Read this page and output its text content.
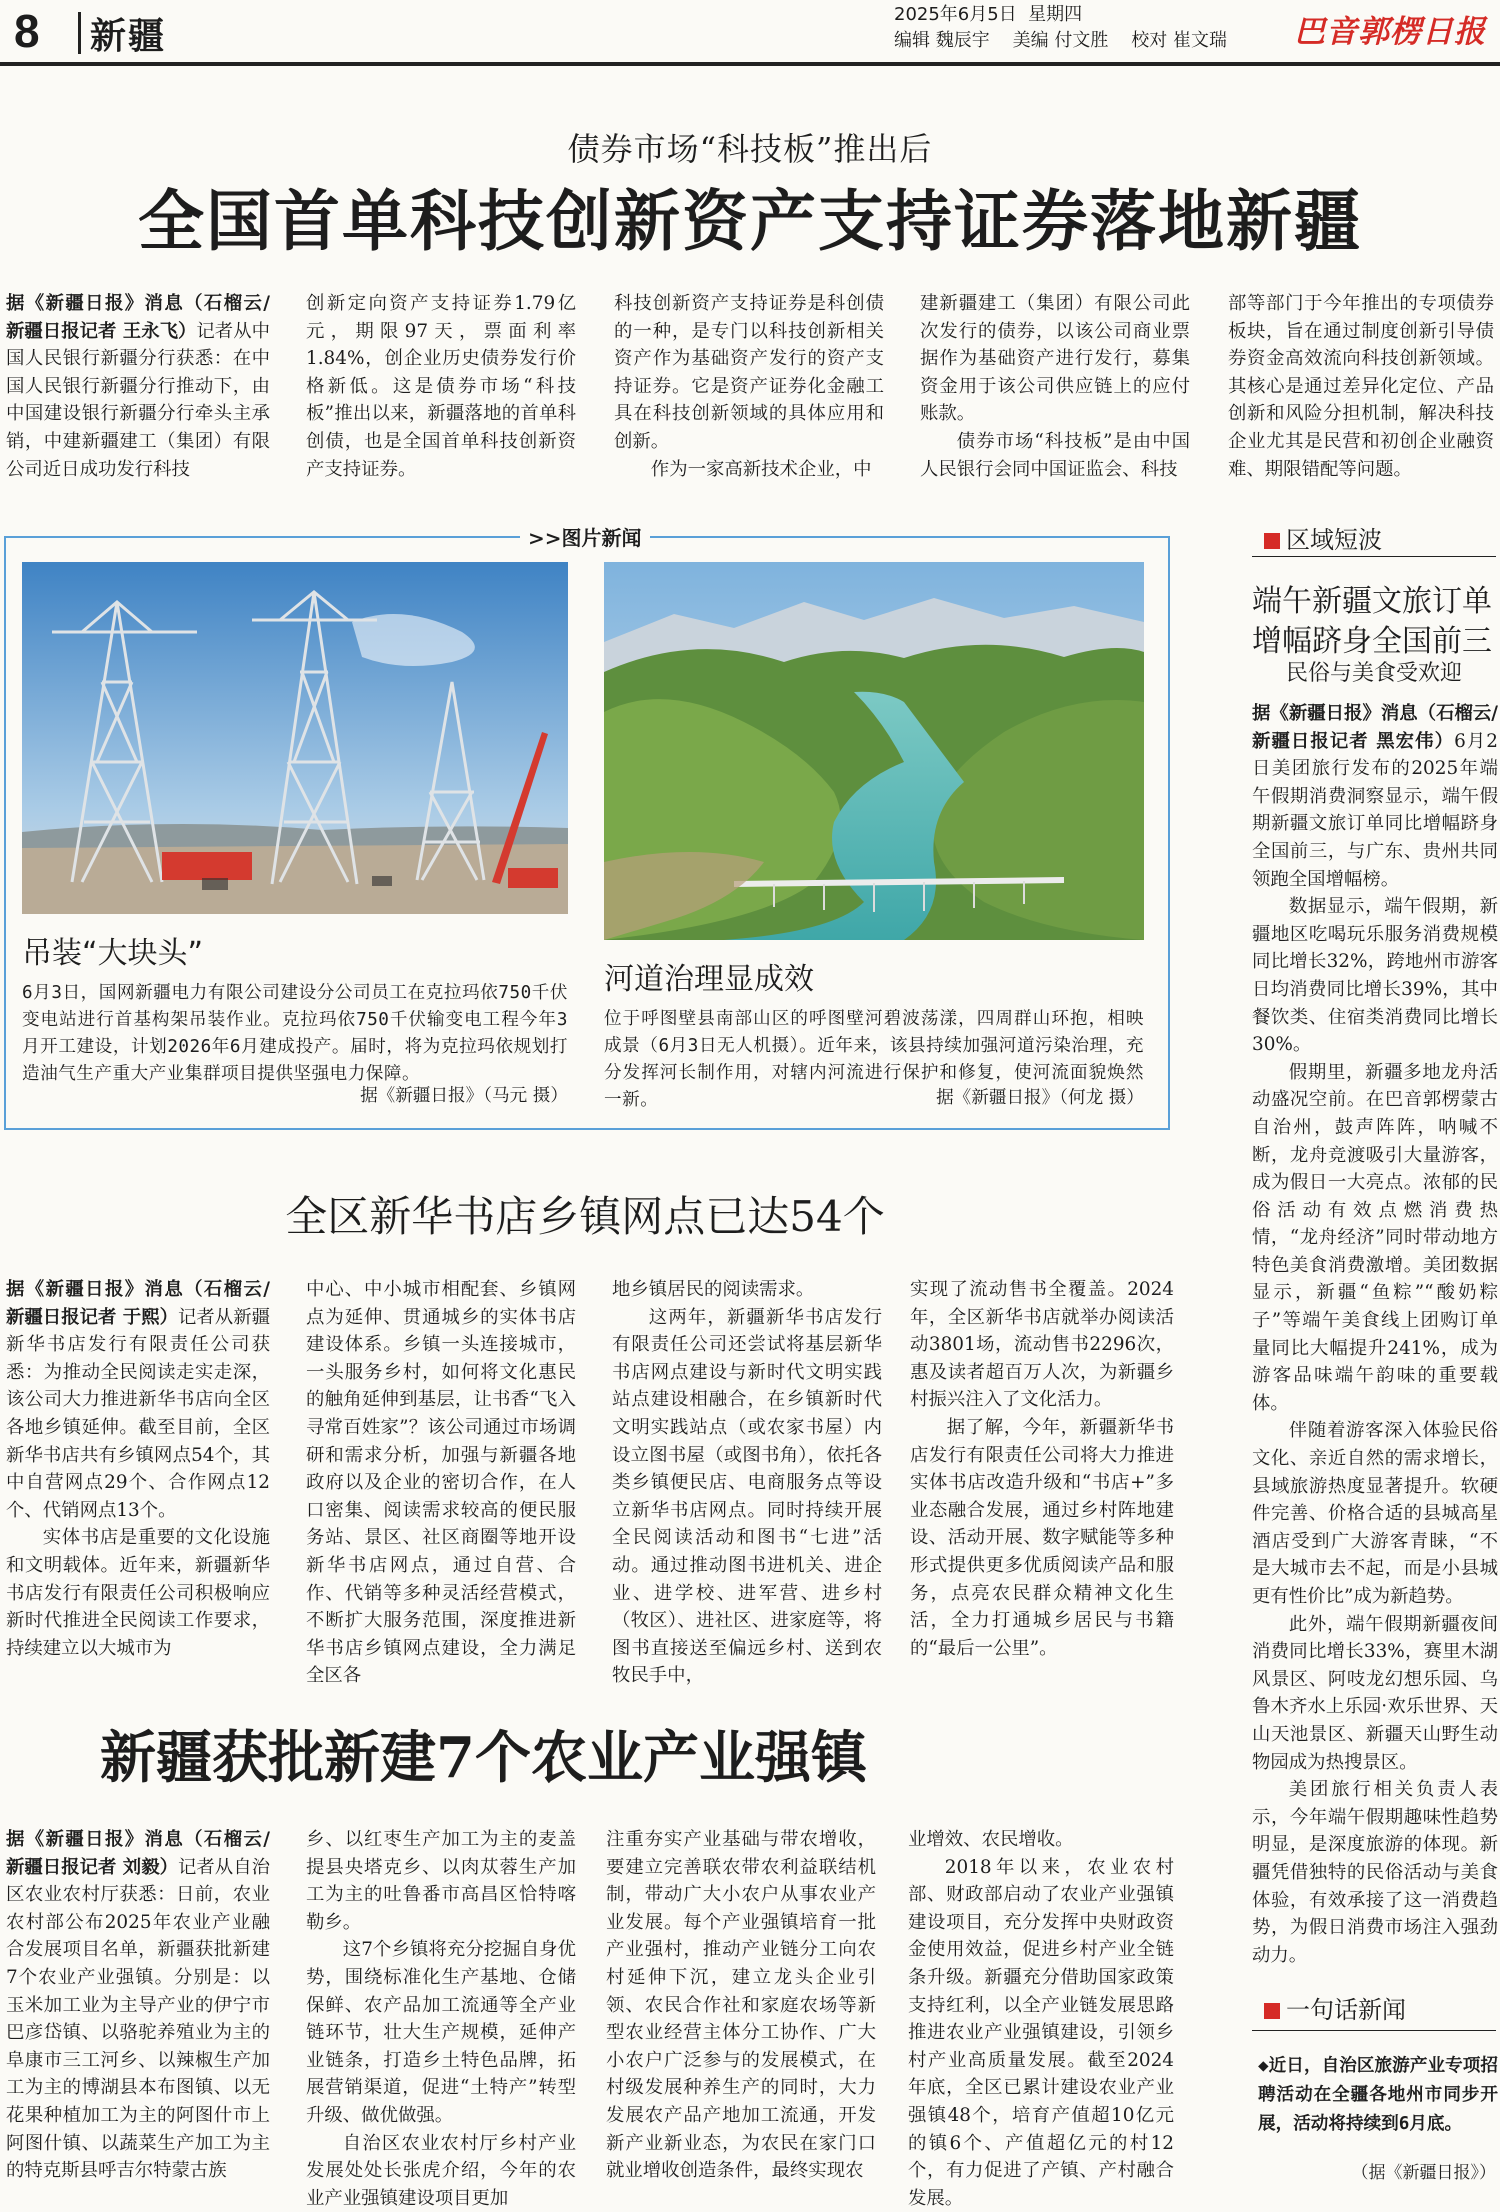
8 新疆
2025年6月5日 星期四
编辑 魏辰宇 美编 付文胜 校对 崔文瑞 巴音郭楞日报
债券市场“科技板”推出后
全国首单科技创新资产支持证券落地新疆

据《新疆日报》消息（石榴云/新疆日报记者 王永飞）记者从中国人民银行新疆分行获悉：在中国人民银行新疆分行推动下，由中国建设银行新疆分行牵头主承销，中建新疆建工（集团）有限公司近日成功发行科技

创新定向资产支持证券1.79亿元，期限97天，票面利率1.84%，创企业历史债券发行价格新低。这是债券市场“科技板”推出以来，新疆落地的首单科创债，也是全国首单科技创新资产支持证券。

科技创新资产支持证券是科创债的一种，是专门以科技创新相关资产作为基础资产发行的资产支持证券。它是资产证券化金融工具在科技创新领域的具体应用和创新。

作为一家高新技术企业，中

建新疆建工（集团）有限公司此次发行的债券，以该公司商业票据作为基础资产进行发行，募集资金用于该公司供应链上的应付账款。

债券市场“科技板”是由中国人民银行会同中国证监会、科技

部等部门于今年推出的专项债券板块，旨在通过制度创新引导债券资金高效流向科技创新领域。其核心是通过差异化定位、产品创新和风险分担机制，解决科技企业尤其是民营和初创企业融资难、期限错配等问题。

>>图片新闻
吊装“大块头”
6月3日，国网新疆电力有限公司建设分公司员工在克拉玛依750千伏变电站进行首基构架吊装作业。克拉玛依750千伏输变电工程今年3月开工建设，计划2026年6月建成投产。届时，将为克拉玛依规划打造油气生产重大产业集群项目提供坚强电力保障。
据《新疆日报》（马元 摄）
河道治理显成效
位于呼图壁县南部山区的呼图壁河碧波荡漾，四周群山环抱，相映成景（6月3日无人机摄）。近年来，该县持续加强河道污染治理，充分发挥河长制作用，对辖内河流进行保护和修复，使河流面貌焕然一新。	据《新疆日报》（何龙 摄）
全区新华书店乡镇网点已达54个

据《新疆日报》消息（石榴云/新疆日报记者 于熙）记者从新疆新华书店发行有限责任公司获悉：为推动全民阅读走实走深，该公司大力推进新华书店向全区各地乡镇延伸。截至目前，全区新华书店共有乡镇网点54个，其中自营网点29个、合作网点12个、代销网点13个。

实体书店是重要的文化设施和文明载体。近年来，新疆新华书店发行有限责任公司积极响应新时代推进全民阅读工作要求，持续建立以大城市为

中心、中小城市相配套、乡镇网点为延伸、贯通城乡的实体书店建设体系。乡镇一头连接城市，一头服务乡村，如何将文化惠民的触角延伸到基层，让书香“飞入寻常百姓家”？该公司通过市场调研和需求分析，加强与新疆各地政府以及企业的密切合作，在人口密集、阅读需求较高的便民服务站、景区、社区商圈等地开设新华书店网点，通过自营、合作、代销等多种灵活经营模式，不断扩大服务范围，深度推进新华书店乡镇网点建设，全力满足全区各

地乡镇居民的阅读需求。

这两年，新疆新华书店发行有限责任公司还尝试将基层新华书店网点建设与新时代文明实践站点建设相融合，在乡镇新时代文明实践站点（或农家书屋）内设立图书屋（或图书角），依托各类乡镇便民店、电商服务点等设立新华书店网点。同时持续开展全民阅读活动和图书“七进”活动。通过推动图书进机关、进企业、进学校、进军营、进乡村（牧区）、进社区、进家庭等，将图书直接送至偏远乡村、送到农牧民手中，

实现了流动售书全覆盖。2024年，全区新华书店就举办阅读活动3801场，流动售书2296次，惠及读者超百万人次，为新疆乡村振兴注入了文化活力。

据了解，今年，新疆新华书店发行有限责任公司将大力推进实体书店改造升级和“书店+”多业态融合发展，通过乡村阵地建设、活动开展、数字赋能等多种形式提供更多优质阅读产品和服务，点亮农民群众精神文化生活，全力打通城乡居民与书籍的“最后一公里”。

新疆获批新建7个农业产业强镇

据《新疆日报》消息（石榴云/新疆日报记者 刘毅）记者从自治区农业农村厅获悉：日前，农业农村部公布2025年农业产业融合发展项目名单，新疆获批新建7个农业产业强镇。分别是：以玉米加工业为主导产业的伊宁市巴彦岱镇、以骆驼养殖业为主的阜康市三工河乡、以辣椒生产加工为主的博湖县本布图镇、以无花果种植加工为主的阿图什市上阿图什镇、以蔬菜生产加工为主的特克斯县呼吉尔特蒙古族

乡、以红枣生产加工为主的麦盖提县央塔克乡、以肉苁蓉生产加工为主的吐鲁番市高昌区恰特喀勒乡。

这7个乡镇将充分挖掘自身优势，围绕标准化生产基地、仓储保鲜、农产品加工流通等全产业链环节，壮大生产规模，延伸产业链条，打造乡土特色品牌，拓展营销渠道，促进“土特产”转型升级、做优做强。

自治区农业农村厅乡村产业发展处处长张虎介绍，今年的农业产业强镇建设项目更加

注重夯实产业基础与带农增收，要建立完善联农带农利益联结机制，带动广大小农户从事农业产业发展。每个产业强镇培育一批产业强村，推动产业链分工向农村延伸下沉，建立龙头企业引领、农民合作社和家庭农场等新型农业经营主体分工协作、广大小农户广泛参与的发展模式，在村级发展种养生产的同时，大力发展农产品产地加工流通，开发新产业新业态，为农民在家门口就业增收创造条件，最终实现农

业增效、农民增收。

2018年以来，农业农村部、财政部启动了农业产业强镇建设项目，充分发挥中央财政资金使用效益，促进乡村产业全链条升级。新疆充分借助国家政策支持红利，以全产业链发展思路推进农业产业强镇建设，引领乡村产业高质量发展。截至2024年底，全区已累计建设农业产业强镇48个，培育产值超10亿元的镇6个、产值超亿元的村12个，有力促进了产镇、产村融合发展。

区域短波
端午新疆文旅订单
增幅跻身全国前三
民俗与美食受欢迎

据《新疆日报》消息（石榴云/新疆日报记者 黑宏伟）6月2日美团旅行发布的2025年端午假期消费洞察显示，端午假期新疆文旅订单同比增幅跻身全国前三，与广东、贵州共同领跑全国增幅榜。

数据显示，端午假期，新疆地区吃喝玩乐服务消费规模同比增长32%，跨地州市游客日均消费同比增长39%，其中餐饮类、住宿类消费同比增长30%。

假期里，新疆多地龙舟活动盛况空前。在巴音郭楞蒙古自治州，鼓声阵阵，呐喊不断，龙舟竞渡吸引大量游客，成为假日一大亮点。浓郁的民俗活动有效点燃消费热情，“龙舟经济”同时带动地方特色美食消费激增。美团数据显示，新疆“鱼粽”“酸奶粽子”等端午美食线上团购订单量同比大幅提升241%，成为游客品味端午韵味的重要载体。

伴随着游客深入体验民俗文化、亲近自然的需求增长，县域旅游热度显著提升。软硬件完善、价格合适的县城高星酒店受到广大游客青睐，“不是大城市去不起，而是小县城更有性价比”成为新趋势。

此外，端午假期新疆夜间消费同比增长33%，赛里木湖风景区、阿吱龙幻想乐园、乌鲁木齐水上乐园·欢乐世界、天山天池景区、新疆天山野生动物园成为热搜景区。

美团旅行相关负责人表示，今年端午假期趣味性趋势明显，是深度旅游的体现。新疆凭借独特的民俗活动与美食体验，有效承接了这一消费趋势，为假日消费市场注入强劲动力。

一句话新闻
◆近日，自治区旅游产业专项招聘活动在全疆各地州市同步开展，活动将持续到6月底。
（据《新疆日报》）
